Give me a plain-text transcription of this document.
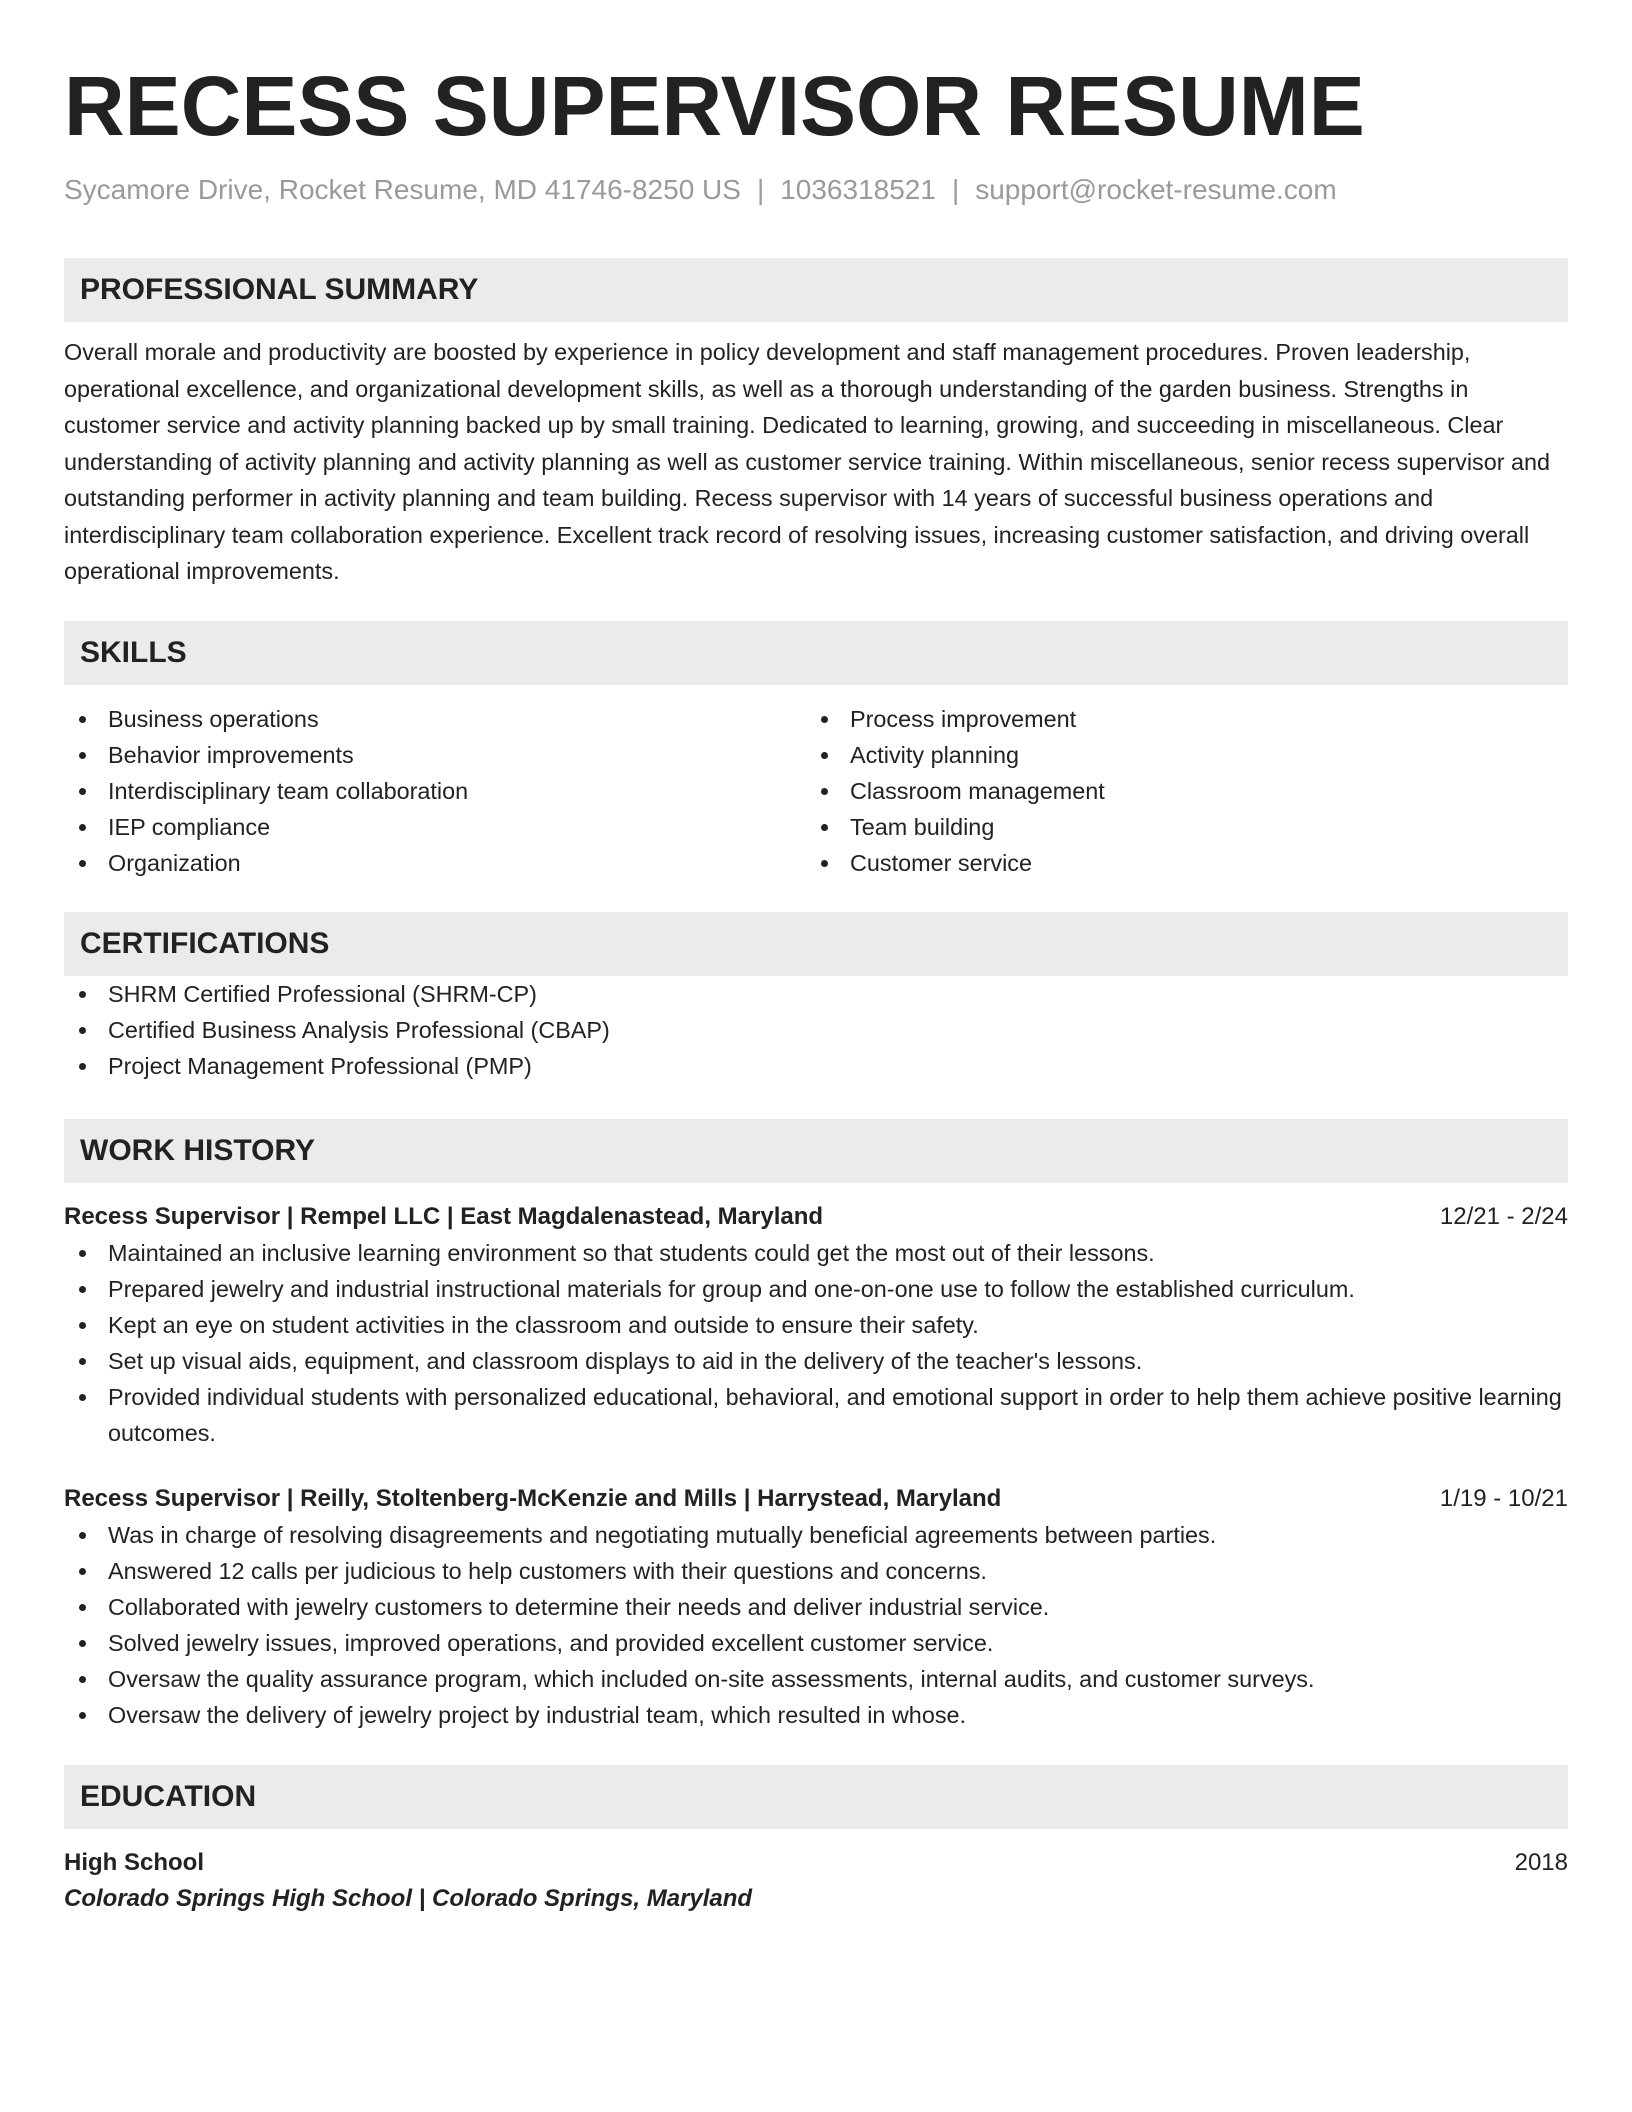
RECESS SUPERVISOR RESUME
Sycamore Drive, Rocket Resume, MD 41746-8250 US | 1036318521 | support@rocket-resume.com
PROFESSIONAL SUMMARY

Overall morale and productivity are boosted by experience in policy development and staff management procedures. Proven leadership, operational excellence, and organizational development skills, as well as a thorough understanding of the garden business. Strengths in customer service and activity planning backed up by small training. Dedicated to learning, growing, and succeeding in miscellaneous. Clear understanding of activity planning and activity planning as well as customer service training. Within miscellaneous, senior recess supervisor and outstanding performer in activity planning and team building. Recess supervisor with 14 years of successful business operations and interdisciplinary team collaboration experience. Excellent track record of resolving issues, increasing customer satisfaction, and driving overall operational improvements.

SKILLS
Business operations
Behavior improvements
Interdisciplinary team collaboration
IEP compliance
Organization
Process improvement
Activity planning
Classroom management
Team building
Customer service
CERTIFICATIONS
SHRM Certified Professional (SHRM-CP)
Certified Business Analysis Professional (CBAP)
Project Management Professional (PMP)
WORK HISTORY
Recess Supervisor | Rempel LLC | East Magdalenastead, Maryland	12/21 - 2/24
Maintained an inclusive learning environment so that students could get the most out of their lessons.
Prepared jewelry and industrial instructional materials for group and one-on-one use to follow the established curriculum.
Kept an eye on student activities in the classroom and outside to ensure their safety.
Set up visual aids, equipment, and classroom displays to aid in the delivery of the teacher's lessons.
Provided individual students with personalized educational, behavioral, and emotional support in order to help them achieve positive learning outcomes.
Recess Supervisor | Reilly, Stoltenberg-McKenzie and Mills | Harrystead, Maryland	1/19 - 10/21
Was in charge of resolving disagreements and negotiating mutually beneficial agreements between parties.
Answered 12 calls per judicious to help customers with their questions and concerns.
Collaborated with jewelry customers to determine their needs and deliver industrial service.
Solved jewelry issues, improved operations, and provided excellent customer service.
Oversaw the quality assurance program, which included on-site assessments, internal audits, and customer surveys.
Oversaw the delivery of jewelry project by industrial team, which resulted in whose.
EDUCATION
High School	2018
Colorado Springs High School | Colorado Springs, Maryland
